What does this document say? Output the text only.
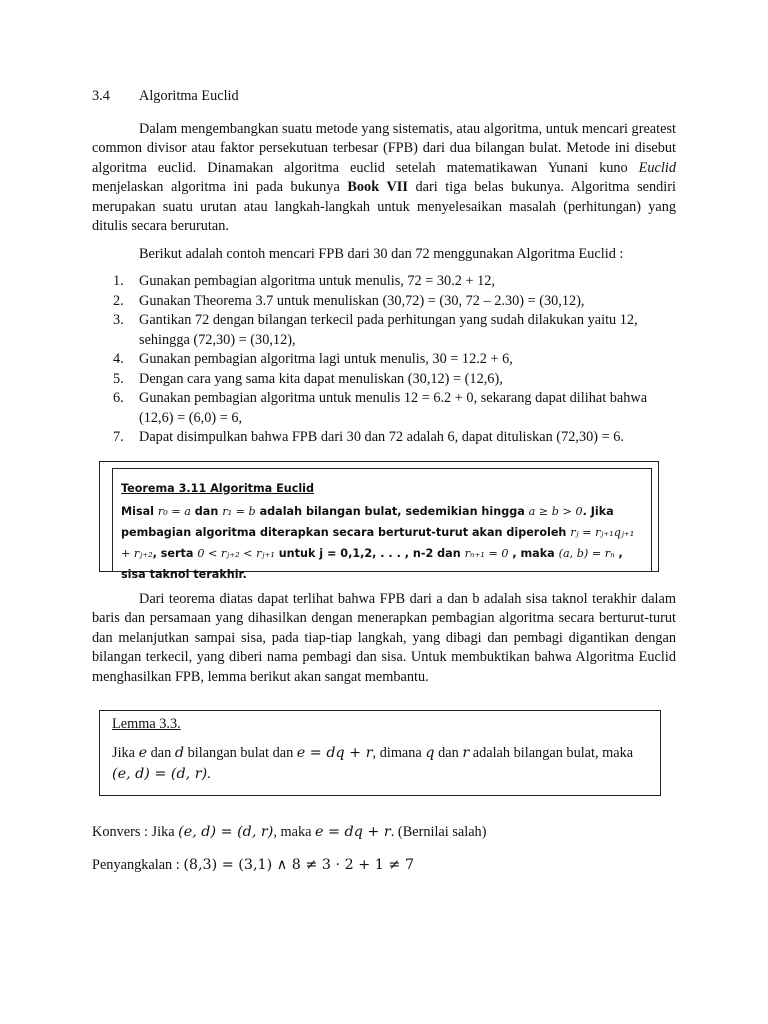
3.4	Algoritma Euclid

Dalam mengembangkan suatu metode yang sistematis, atau algoritma, untuk mencari greatest common divisor atau faktor persekutuan terbesar (FPB) dari dua bilangan bulat. Metode ini disebut algoritma euclid. Dinamakan algoritma euclid setelah matematikawan Yunani kuno Euclid menjelaskan algoritma ini pada bukunya Book VII dari tiga belas bukunya. Algoritma sendiri merupakan suatu urutan atau langkah-langkah untuk menyelesaikan masalah (perhitungan) yang ditulis secara berurutan.

Berikut adalah contoh mencari FPB dari 30 dan 72 menggunakan Algoritma Euclid :

1. Gunakan pembagian algoritma untuk menulis, 72 = 30.2 + 12,
2. Gunakan Theorema 3.7 untuk menuliskan (30,72) = (30, 72 – 2.30) = (30,12),
3. Gantikan 72 dengan bilangan terkecil pada perhitungan yang sudah dilakukan yaitu 12, sehingga (72,30) = (30,12),
4. Gunakan pembagian algoritma lagi untuk menulis, 30 = 12.2 + 6,
5. Dengan cara yang sama kita dapat menuliskan (30,12) = (12,6),
6. Gunakan pembagian algoritma untuk menulis 12 = 6.2 + 0, sekarang dapat dilihat bahwa (12,6) = (6,0) = 6,
7. Dapat disimpulkan bahwa FPB dari 30 dan 72 adalah 6, dapat dituliskan (72,30) = 6.
Teorema 3.11 Algoritma Euclid
Misal r₀ = a dan r₁ = b adalah bilangan bulat, sedemikian hingga a ≥ b > 0. Jika pembagian algoritma diterapkan secara berturut-turut akan diperoleh rⱼ = rⱼ₊₁qⱼ₊₁ + rⱼ₊₂, serta 0 < rⱼ₊₂ < rⱼ₊₁ untuk j = 0,1,2, . . . , n-2 dan rₙ₊₁ = 0 , maka (a, b) = rₙ , sisa taknol terakhir.

Dari teorema diatas dapat terlihat bahwa FPB dari a dan b adalah sisa taknol terakhir dalam baris dan persamaan yang dihasilkan dengan menerapkan pembagian algoritma secara berturut-turut dan melanjutkan sampai sisa, pada tiap-tiap langkah, yang dibagi dan pembagi digantikan dengan bilangan terkecil, yang diberi nama pembagi dan sisa. Untuk membuktikan bahwa Algoritma Euclid menghasilkan FPB, lemma berikut akan sangat membantu.

Lemma 3.3.
Jika e dan d bilangan bulat dan e = dq + r, dimana q dan r adalah bilangan bulat, maka (e, d) = (d, r).

Konvers : Jika (e, d) = (d, r), maka e = dq + r. (Bernilai salah)

Penyangkalan : (8,3) = (3,1) ∧ 8 ≠ 3 · 2 + 1 ≠ 7
